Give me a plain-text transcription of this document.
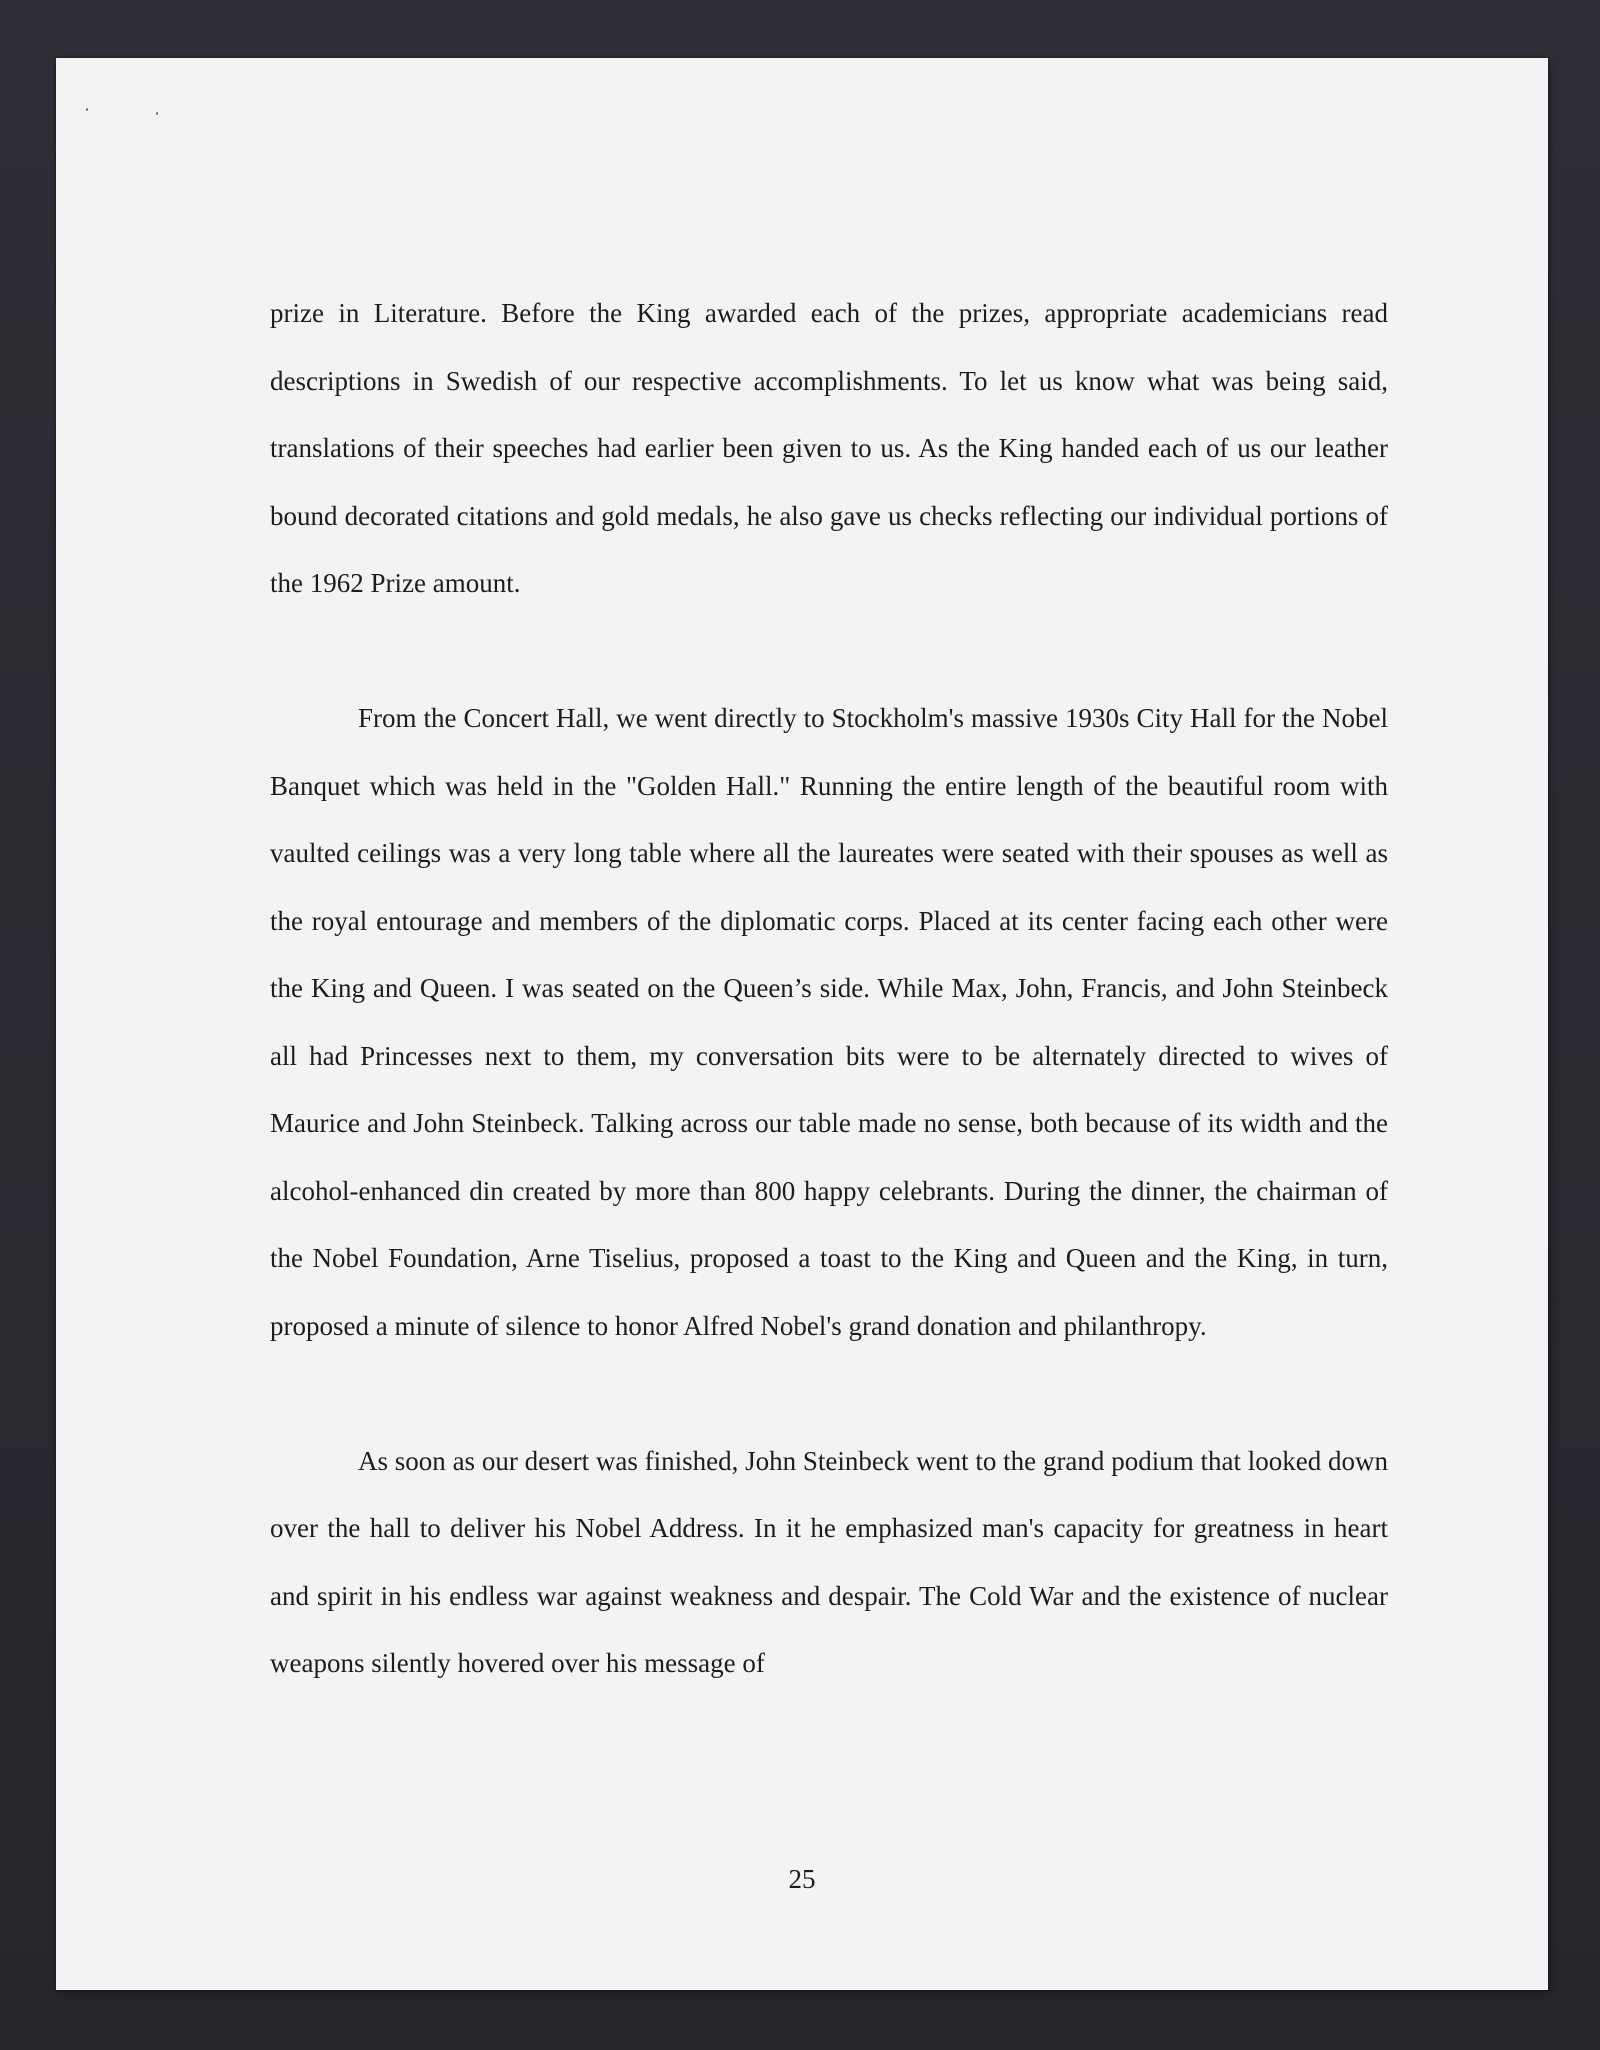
prize in Literature. Before the King awarded each of the prizes, appropriate academicians read descriptions in Swedish of our respective accomplishments. To let us know what was being said, translations of their speeches had earlier been given to us. As the King handed each of us our leather bound decorated citations and gold medals, he also gave us checks reflecting our individual portions of the 1962 Prize amount.

From the Concert Hall, we went directly to Stockholm's massive 1930s City Hall for the Nobel Banquet which was held in the "Golden Hall." Running the entire length of the beautiful room with vaulted ceilings was a very long table where all the laureates were seated with their spouses as well as the royal entourage and members of the diplomatic corps. Placed at its center facing each other were the King and Queen. I was seated on the Queen’s side. While Max, John, Francis, and John Steinbeck all had Princesses next to them, my conversation bits were to be alternately directed to wives of Maurice and John Steinbeck. Talking across our table made no sense, both because of its width and the alcohol-enhanced din created by more than 800 happy celebrants. During the dinner, the chairman of the Nobel Foundation, Arne Tiselius, proposed a toast to the King and Queen and the King, in turn, proposed a minute of silence to honor Alfred Nobel's grand donation and philanthropy.

As soon as our desert was finished, John Steinbeck went to the grand podium that looked down over the hall to deliver his Nobel Address. In it he emphasized man's capacity for greatness in heart and spirit in his endless war against weakness and despair. The Cold War and the existence of nuclear weapons silently hovered over his message of

25
